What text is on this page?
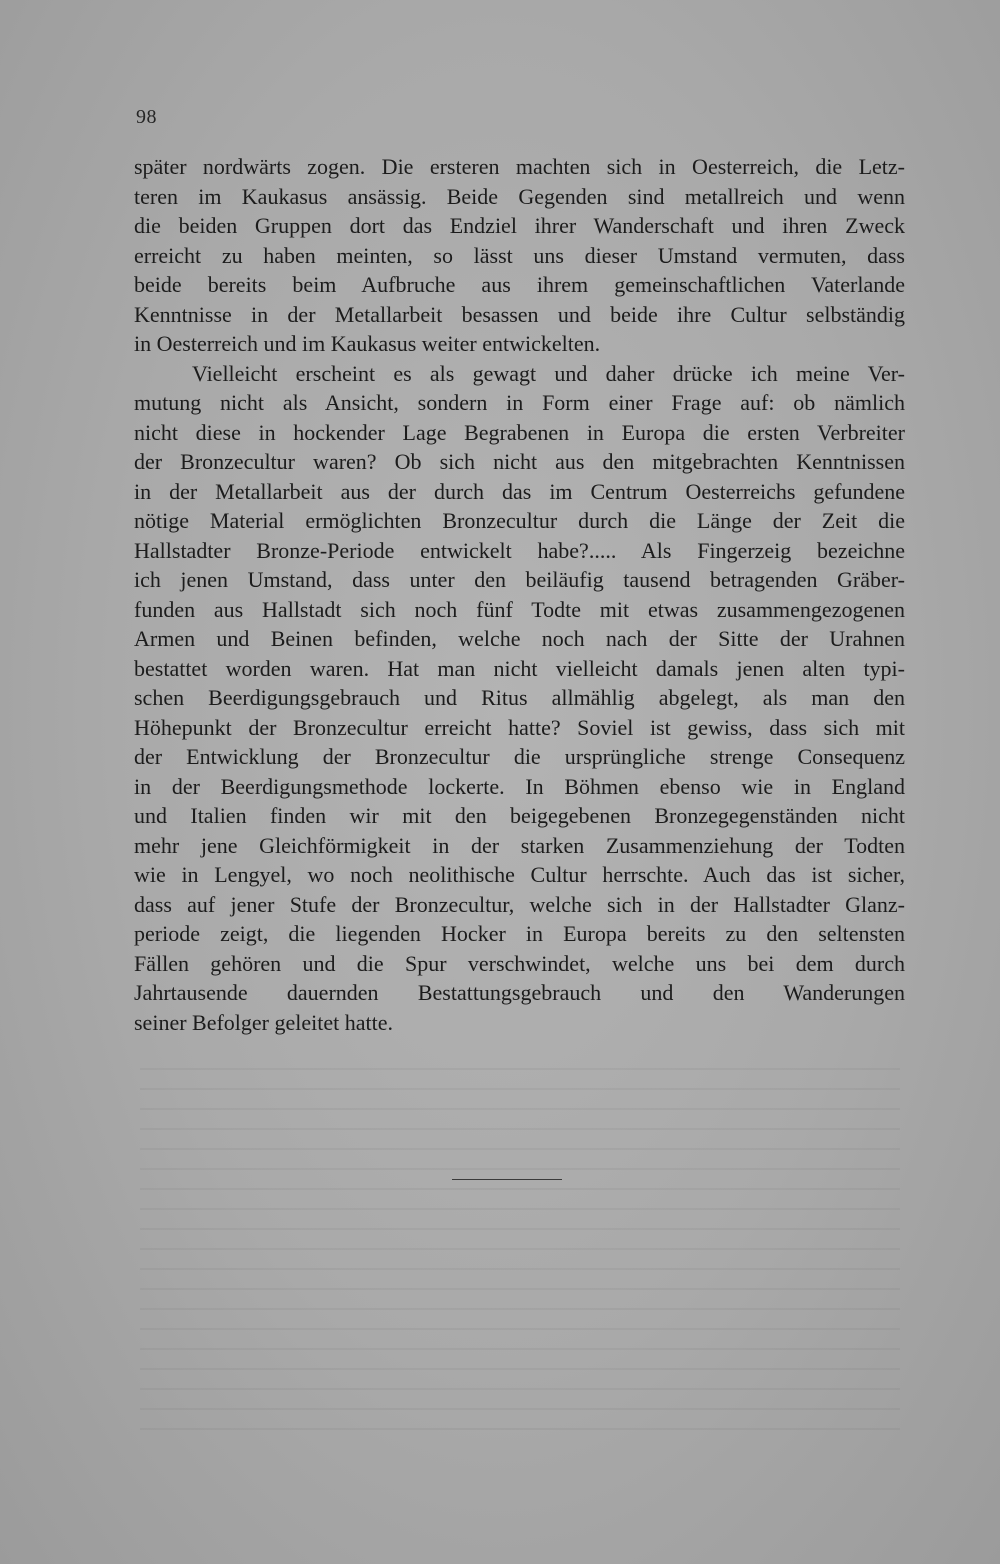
98
später nordwärts zogen. Die ersteren machten sich in Oesterreich, die Letz-
teren im Kaukasus ansässig. Beide Gegenden sind metallreich und wenn
die beiden Gruppen dort das Endziel ihrer Wanderschaft und ihren Zweck
erreicht zu haben meinten, so lässt uns dieser Umstand vermuten, dass
beide bereits beim Aufbruche aus ihrem gemeinschaftlichen Vaterlande
Kenntnisse in der Metallarbeit besassen und beide ihre Cultur selbständig
in Oesterreich und im Kaukasus weiter entwickelten.
Vielleicht erscheint es als gewagt und daher drücke ich meine Ver-
mutung nicht als Ansicht, sondern in Form einer Frage auf: ob nämlich
nicht diese in hockender Lage Begrabenen in Europa die ersten Verbreiter
der Bronzecultur waren? Ob sich nicht aus den mitgebrachten Kenntnissen
in der Metallarbeit aus der durch das im Centrum Oesterreichs gefundene
nötige Material ermöglichten Bronzecultur durch die Länge der Zeit die
Hallstadter Bronze-Periode entwickelt habe?..... Als Fingerzeig bezeichne
ich jenen Umstand, dass unter den beiläufig tausend betragenden Gräber-
funden aus Hallstadt sich noch fünf Todte mit etwas zusammengezogenen
Armen und Beinen befinden, welche noch nach der Sitte der Urahnen
bestattet worden waren. Hat man nicht vielleicht damals jenen alten typi-
schen Beerdigungsgebrauch und Ritus allmählig abgelegt, als man den
Höhepunkt der Bronzecultur erreicht hatte? Soviel ist gewiss, dass sich mit
der Entwicklung der Bronzecultur die ursprüngliche strenge Consequenz
in der Beerdigungsmethode lockerte. In Böhmen ebenso wie in England
und Italien finden wir mit den beigegebenen Bronzegegenständen nicht
mehr jene Gleichförmigkeit in der starken Zusammenziehung der Todten
wie in Lengyel, wo noch neolithische Cultur herrschte. Auch das ist sicher,
dass auf jener Stufe der Bronzecultur, welche sich in der Hallstadter Glanz-
periode zeigt, die liegenden Hocker in Europa bereits zu den seltensten
Fällen gehören und die Spur verschwindet, welche uns bei dem durch
Jahrtausende dauernden Bestattungsgebrauch und den Wanderungen
seiner Befolger geleitet hatte.
